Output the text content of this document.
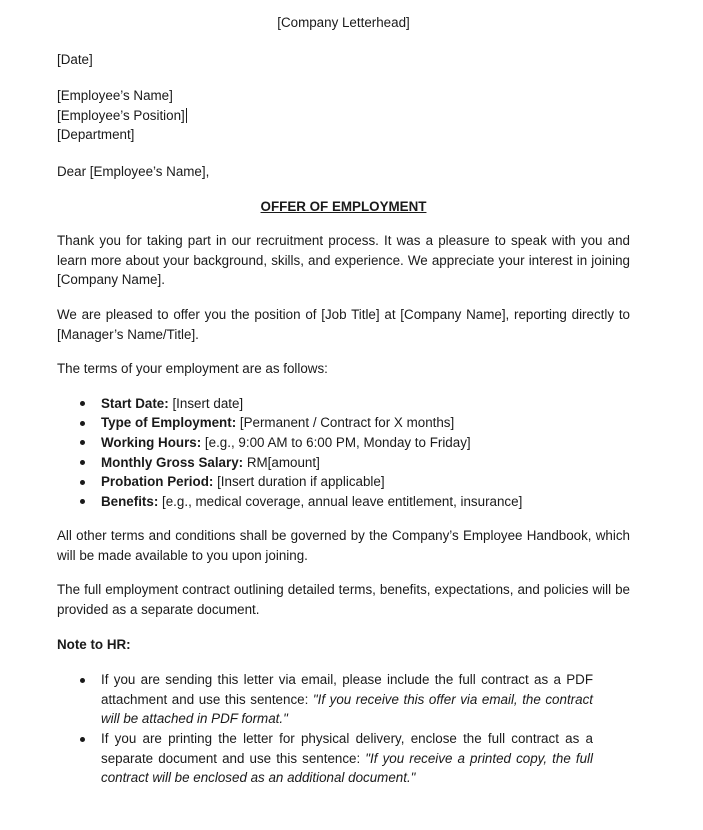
[Company Letterhead]

[Date]

[Employee’s Name]

[Employee’s Position]

[Department]

Dear [Employee’s Name],

OFFER OF EMPLOYMENT

Thank you for taking part in our recruitment process. It was a pleasure to speak with you and learn more about your background, skills, and experience. We appreciate your interest in joining [Company Name].

We are pleased to offer you the position of [Job Title] at [Company Name], reporting directly to [Manager’s Name/Title].

The terms of your employment are as follows:

Start Date: [Insert date]
Type of Employment: [Permanent / Contract for X months]
Working Hours: [e.g., 9:00 AM to 6:00 PM, Monday to Friday]
Monthly Gross Salary: RM[amount]
Probation Period: [Insert duration if applicable]
Benefits: [e.g., medical coverage, annual leave entitlement, insurance]

All other terms and conditions shall be governed by the Company’s Employee Handbook, which will be made available to you upon joining.

The full employment contract outlining detailed terms, benefits, expectations, and policies will be provided as a separate document.

Note to HR:

If you are sending this letter via email, please include the full contract as a PDF attachment and use this sentence: "If you receive this offer via email, the contract will be attached in PDF format."
If you are printing the letter for physical delivery, enclose the full contract as a separate document and use this sentence: "If you receive a printed copy, the full contract will be enclosed as an additional document."
